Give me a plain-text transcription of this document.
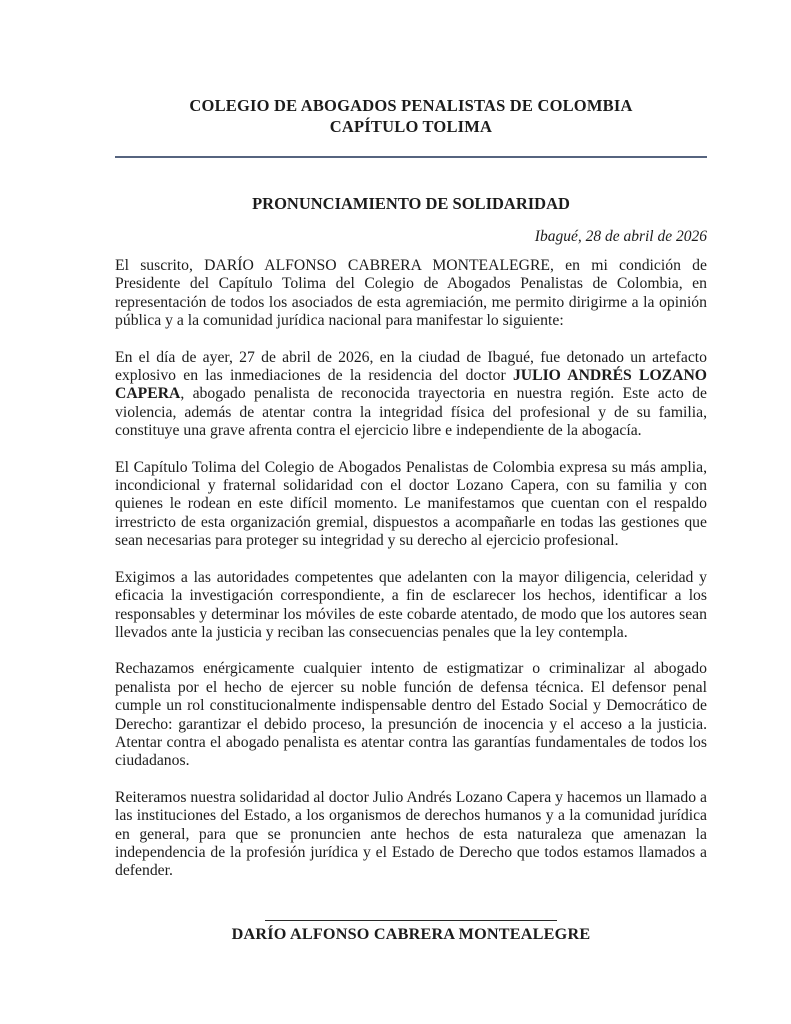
COLEGIO DE ABOGADOS PENALISTAS DE COLOMBIA
CAPÍTULO TOLIMA
PRONUNCIAMIENTO DE SOLIDARIDAD
Ibagué, 28 de abril de 2026

El suscrito, DARÍO ALFONSO CABRERA MONTEALEGRE, en mi condición de Presidente del Capítulo Tolima del Colegio de Abogados Penalistas de Colombia, en representación de todos los asociados de esta agremiación, me permito dirigirme a la opinión pública y a la comunidad jurídica nacional para manifestar lo siguiente:

En el día de ayer, 27 de abril de 2026, en la ciudad de Ibagué, fue detonado un artefacto explosivo en las inmediaciones de la residencia del doctor JULIO ANDRÉS LOZANO CAPERA, abogado penalista de reconocida trayectoria en nuestra región. Este acto de violencia, además de atentar contra la integridad física del profesional y de su familia, constituye una grave afrenta contra el ejercicio libre e independiente de la abogacía.

El Capítulo Tolima del Colegio de Abogados Penalistas de Colombia expresa su más amplia, incondicional y fraternal solidaridad con el doctor Lozano Capera, con su familia y con quienes le rodean en este difícil momento. Le manifestamos que cuentan con el respaldo irrestricto de esta organización gremial, dispuestos a acompañarle en todas las gestiones que sean necesarias para proteger su integridad y su derecho al ejercicio profesional.

Exigimos a las autoridades competentes que adelanten con la mayor diligencia, celeridad y eficacia la investigación correspondiente, a fin de esclarecer los hechos, identificar a los responsables y determinar los móviles de este cobarde atentado, de modo que los autores sean llevados ante la justicia y reciban las consecuencias penales que la ley contempla.

Rechazamos enérgicamente cualquier intento de estigmatizar o criminalizar al abogado penalista por el hecho de ejercer su noble función de defensa técnica. El defensor penal cumple un rol constitucionalmente indispensable dentro del Estado Social y Democrático de Derecho: garantizar el debido proceso, la presunción de inocencia y el acceso a la justicia. Atentar contra el abogado penalista es atentar contra las garantías fundamentales de todos los ciudadanos.

Reiteramos nuestra solidaridad al doctor Julio Andrés Lozano Capera y hacemos un llamado a las instituciones del Estado, a los organismos de derechos humanos y a la comunidad jurídica en general, para que se pronuncien ante hechos de esta naturaleza que amenazan la independencia de la profesión jurídica y el Estado de Derecho que todos estamos llamados a defender.

DARÍO ALFONSO CABRERA MONTEALEGRE
